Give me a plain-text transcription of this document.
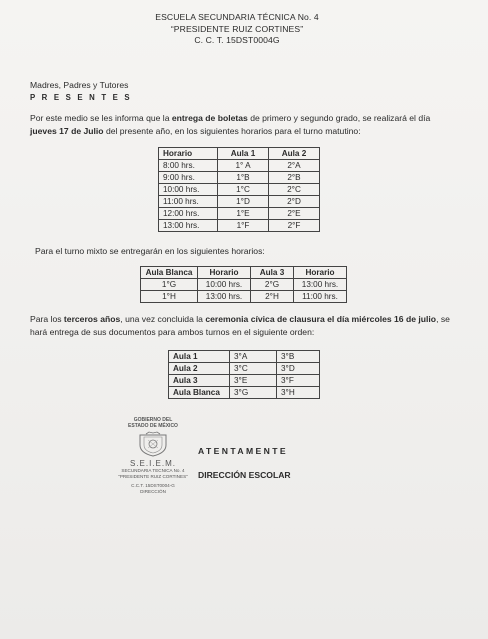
ESCUELA SECUNDARIA TÉCNICA No. 4
“PRESIDENTE RUIZ CORTINES”
C. C. T. 15DST0004G
Madres, Padres y Tutores
P R E S E N T E S
Por este medio se les informa que la entrega de boletas de primero y segundo grado, se realizará el día jueves 17 de Julio del presente año, en los siguientes horarios para el turno matutino:
Horario	Aula 1	Aula 2
8:00 hrs.	1° A	2°A
9:00 hrs.	1°B	2°B
10:00 hrs.	1°C	2°C
11:00 hrs.	1°D	2°D
12:00 hrs.	1°E	2°E
13:00 hrs.	1°F	2°F
Para el turno mixto se entregarán en los siguientes horarios:
Aula Blanca	Horario	Aula 3	Horario
1°G	10:00 hrs.	2°G	13:00 hrs.
1°H	13:00 hrs.	2°H	11:00 hrs.
Para los terceros años, una vez concluida la ceremonia cívica de clausura el día miércoles 16 de julio, se hará entrega de sus documentos para ambos turnos en el siguiente orden:
Aula 1	3°A	3°B
Aula 2	3°C	3°D
Aula 3	3°E	3°F
Aula Blanca	3°G	3°H
GOBIERNO DEL
ESTADO DE MÉXICO
S.E.I.E.M.
SECUNDARIA TECNICA No. 4
"PRESIDENTE RUIZ CORTINES"
C.C.T. 15DST0004-G
DIRECCIÓN
ATENTAMENTE
DIRECCIÓN ESCOLAR
